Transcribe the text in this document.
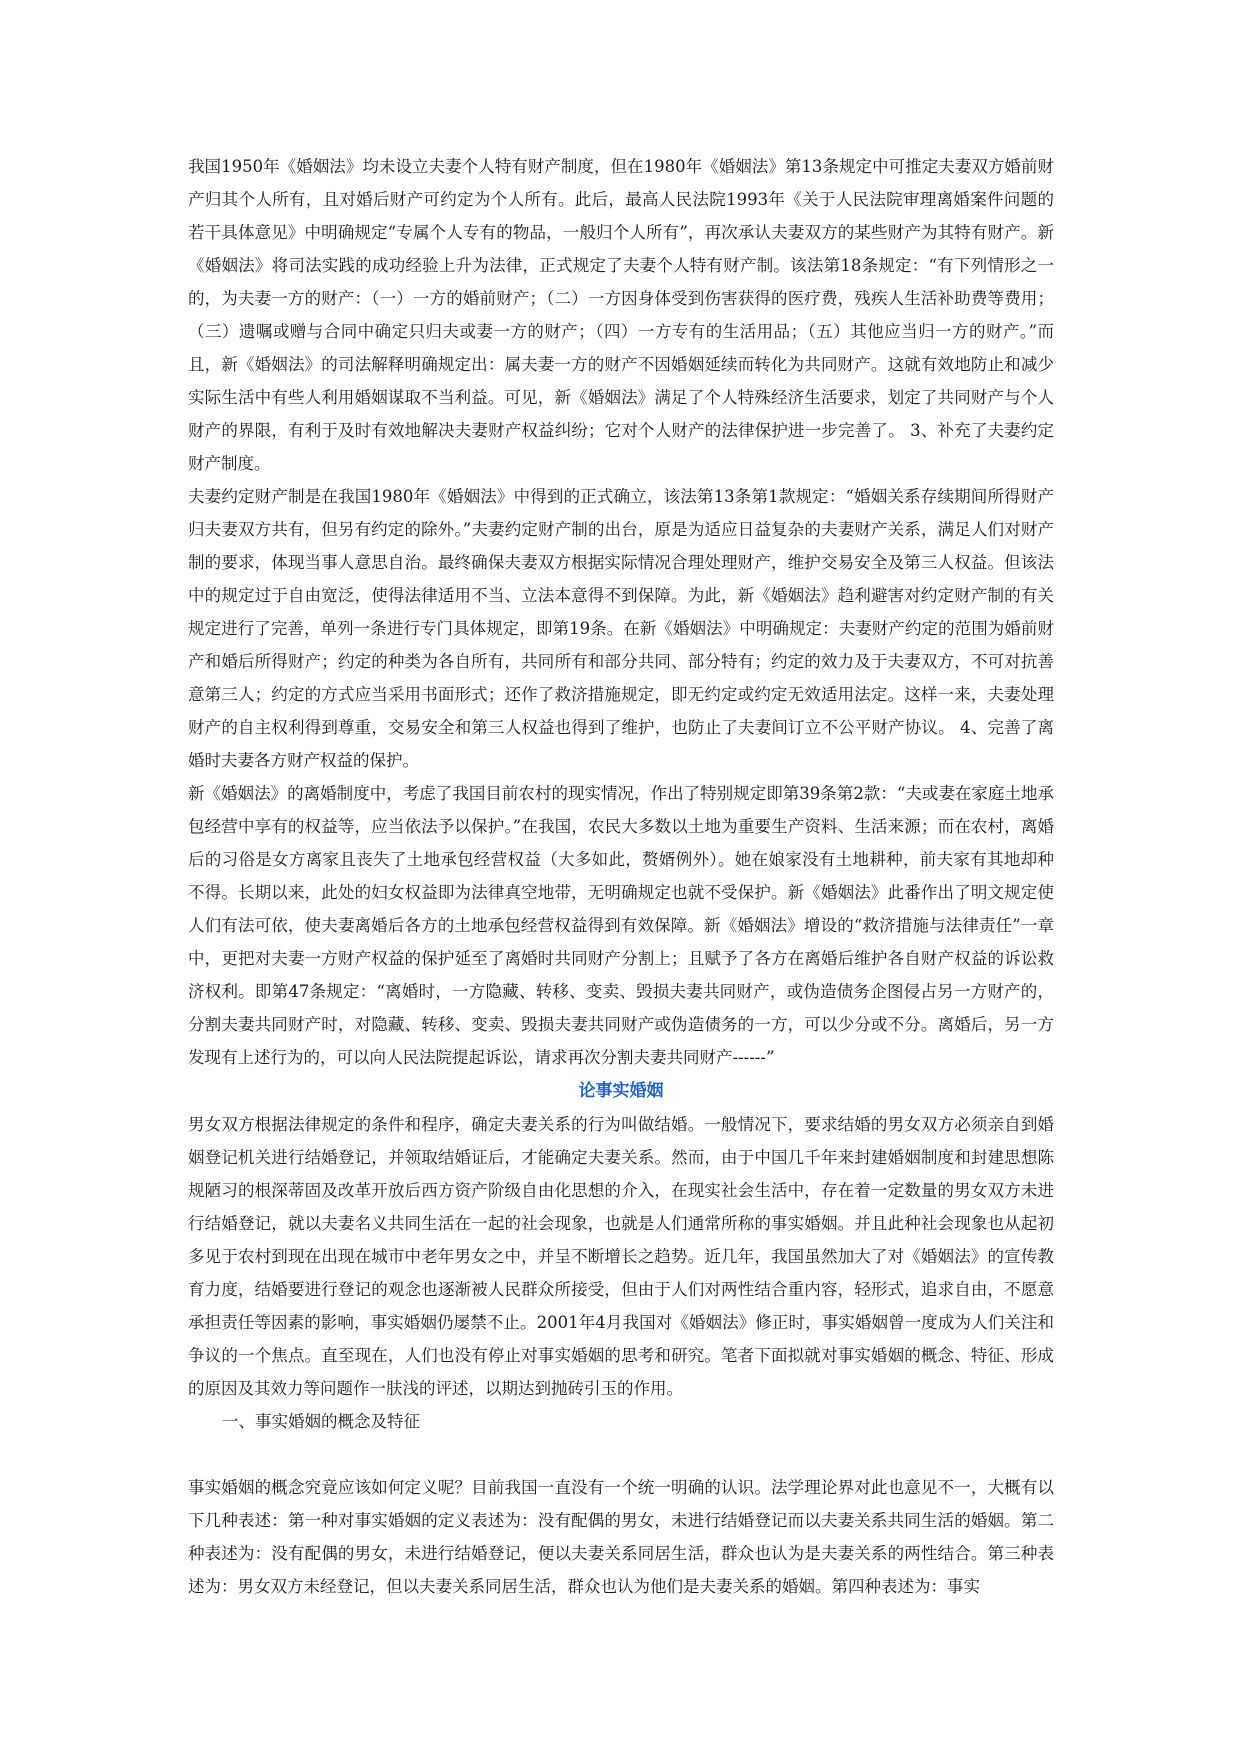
我国1950年《婚姻法》均未设立夫妻个人特有财产制度，但在1980年《婚姻法》第13条规定中可推定夫妻双方婚前财产归其个人所有，且对婚后财产可约定为个人所有。此后，最高人民法院1993年《关于人民法院审理离婚案件问题的若干具体意见》中明确规定“专属个人专有的物品，一般归个人所有”，再次承认夫妻双方的某些财产为其特有财产。新《婚姻法》将司法实践的成功经验上升为法律，正式规定了夫妻个人特有财产制。该法第18条规定：“有下列情形之一的，为夫妻一方的财产：（一）一方的婚前财产；（二）一方因身体受到伤害获得的医疗费，残疾人生活补助费等费用；（三）遗嘱或赠与合同中确定只归夫或妻一方的财产；（四）一方专有的生活用品；（五）其他应当归一方的财产。”而且，新《婚姻法》的司法解释明确规定出：属夫妻一方的财产不因婚姻延续而转化为共同财产。这就有效地防止和减少实际生活中有些人利用婚姻谋取不当利益。可见，新《婚姻法》满足了个人特殊经济生活要求，划定了共同财产与个人财产的界限，有利于及时有效地解决夫妻财产权益纠纷；它对个人财产的法律保护进一步完善了。 3、补充了夫妻约定财产制度。

夫妻约定财产制是在我国1980年《婚姻法》中得到的正式确立，该法第13条第1款规定：“婚姻关系存续期间所得财产归夫妻双方共有，但另有约定的除外。”夫妻约定财产制的出台，原是为适应日益复杂的夫妻财产关系，满足人们对财产制的要求，体现当事人意思自治。最终确保夫妻双方根据实际情况合理处理财产，维护交易安全及第三人权益。但该法中的规定过于自由宽泛，使得法律适用不当、立法本意得不到保障。为此，新《婚姻法》趋利避害对约定财产制的有关规定进行了完善，单列一条进行专门具体规定，即第19条。在新《婚姻法》中明确规定：夫妻财产约定的范围为婚前财产和婚后所得财产；约定的种类为各自所有，共同所有和部分共同、部分特有；约定的效力及于夫妻双方，不可对抗善意第三人；约定的方式应当采用书面形式；还作了救济措施规定，即无约定或约定无效适用法定。这样一来，夫妻处理财产的自主权利得到尊重，交易安全和第三人权益也得到了维护，也防止了夫妻间订立不公平财产协议。 4、完善了离婚时夫妻各方财产权益的保护。

新《婚姻法》的离婚制度中，考虑了我国目前农村的现实情况，作出了特别规定即第39条第2款：“夫或妻在家庭土地承包经营中享有的权益等，应当依法予以保护。”在我国，农民大多数以土地为重要生产资料、生活来源；而在农村，离婚后的习俗是女方离家且丧失了土地承包经营权益（大多如此，赘婿例外）。她在娘家没有土地耕种，前夫家有其地却种不得。长期以来，此处的妇女权益即为法律真空地带，无明确规定也就不受保护。新《婚姻法》此番作出了明文规定使人们有法可依，使夫妻离婚后各方的土地承包经营权益得到有效保障。新《婚姻法》增设的“救济措施与法律责任”一章中，更把对夫妻一方财产权益的保护延至了离婚时共同财产分割上；且赋予了各方在离婚后维护各自财产权益的诉讼救济权利。即第47条规定：“离婚时，一方隐藏、转移、变卖、毁损夫妻共同财产，或伪造债务企图侵占另一方财产的，分割夫妻共同财产时，对隐藏、转移、变卖、毁损夫妻共同财产或伪造债务的一方，可以少分或不分。离婚后，另一方发现有上述行为的，可以向人民法院提起诉讼，请求再次分割夫妻共同财产------”

论事实婚姻

男女双方根据法律规定的条件和程序，确定夫妻关系的行为叫做结婚。一般情况下，要求结婚的男女双方必须亲自到婚姻登记机关进行结婚登记，并领取结婚证后，才能确定夫妻关系。然而，由于中国几千年来封建婚姻制度和封建思想陈规陋习的根深蒂固及改革开放后西方资产阶级自由化思想的介入，在现实社会生活中，存在着一定数量的男女双方未进行结婚登记，就以夫妻名义共同生活在一起的社会现象，也就是人们通常所称的事实婚姻。并且此种社会现象也从起初多见于农村到现在出现在城市中老年男女之中，并呈不断增长之趋势。近几年，我国虽然加大了对《婚姻法》的宣传教育力度，结婚要进行登记的观念也逐渐被人民群众所接受，但由于人们对两性结合重内容，轻形式，追求自由，不愿意承担责任等因素的影响，事实婚姻仍屡禁不止。2001年4月我国对《婚姻法》修正时，事实婚姻曾一度成为人们关注和争议的一个焦点。直至现在，人们也没有停止对事实婚姻的思考和研究。笔者下面拟就对事实婚姻的概念、特征、形成的原因及其效力等问题作一肤浅的评述，以期达到抛砖引玉的作用。

一、事实婚姻的概念及特征

事实婚姻的概念究竟应该如何定义呢？目前我国一直没有一个统一明确的认识。法学理论界对此也意见不一，大概有以下几种表述：第一种对事实婚姻的定义表述为：没有配偶的男女，未进行结婚登记而以夫妻关系共同生活的婚姻。第二种表述为：没有配偶的男女，未进行结婚登记，便以夫妻关系同居生活，群众也认为是夫妻关系的两性结合。第三种表述为：男女双方未经登记，但以夫妻关系同居生活，群众也认为他们是夫妻关系的婚姻。第四种表述为：事实
